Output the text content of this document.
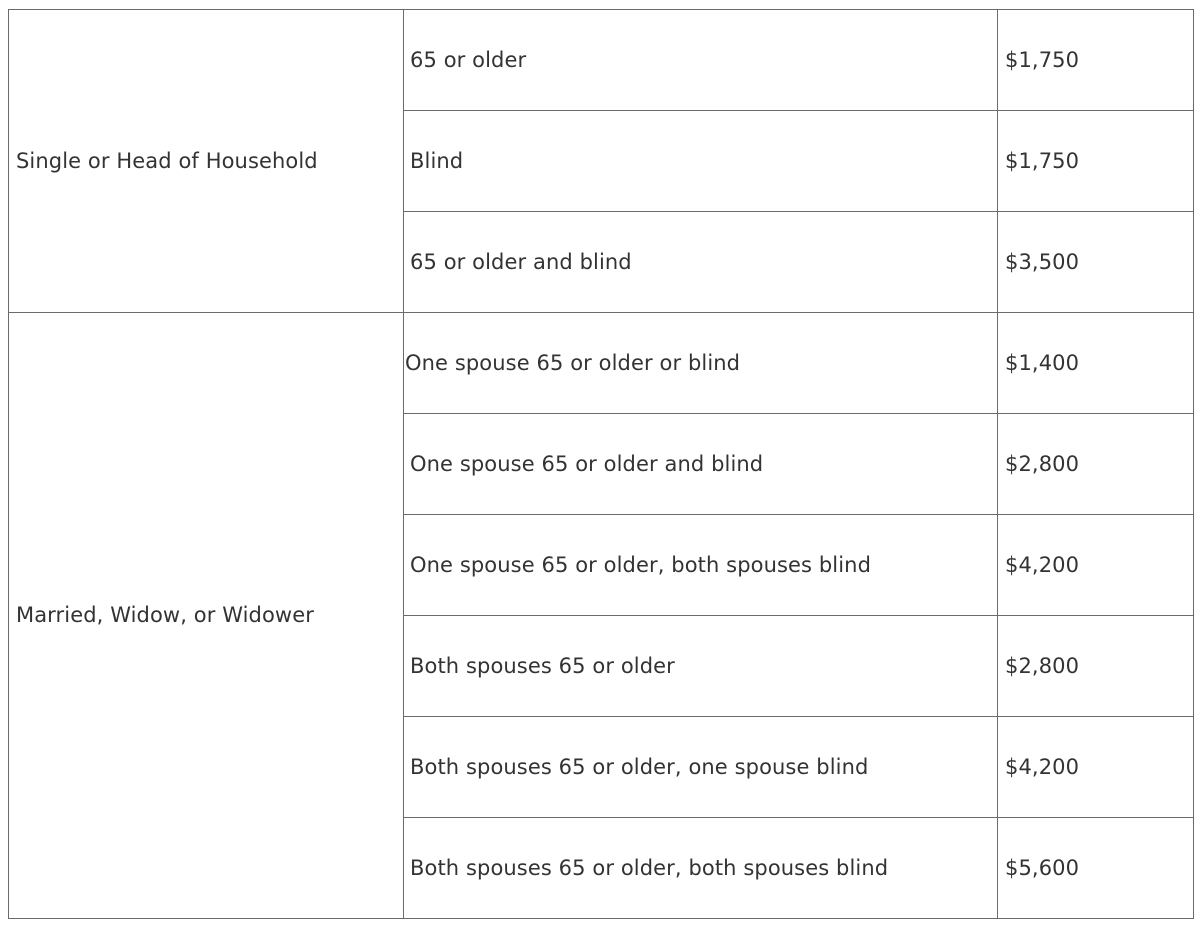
Single or Head of Household	65 or older	$1,750
	Blind	$1,750
	65 or older and blind	$3,500
Married, Widow, or Widower	One spouse 65 or older or blind	$1,400
	One spouse 65 or older and blind	$2,800
	One spouse 65 or older, both spouses blind	$4,200
	Both spouses 65 or older	$2,800
	Both spouses 65 or older, one spouse blind	$4,200
	Both spouses 65 or older, both spouses blind	$5,600
